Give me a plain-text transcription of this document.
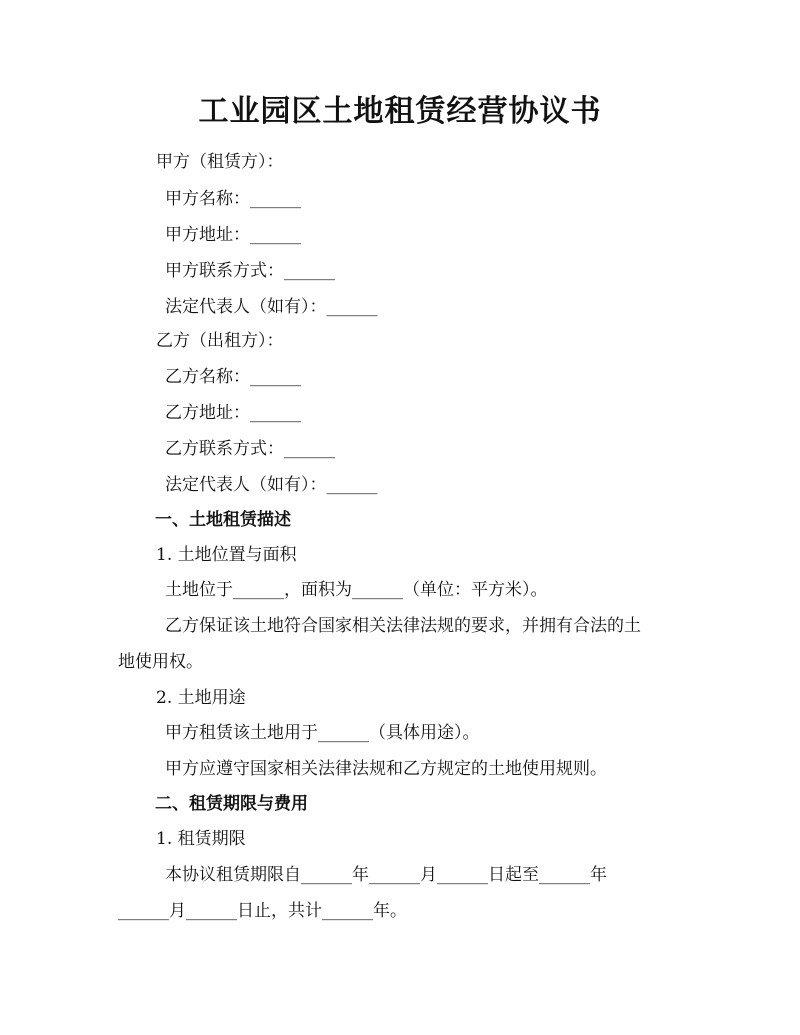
工业园区土地租赁经营协议书
甲方（租赁方）：
甲方名称：______
甲方地址：______
甲方联系方式：______
法定代表人（如有）：______
乙方（出租方）：
乙方名称：______
乙方地址：______
乙方联系方式：______
法定代表人（如有）：______
一、土地租赁描述
1. 土地位置与面积
土地位于______，面积为______（单位：平方米）。
乙方保证该土地符合国家相关法律法规的要求，并拥有合法的土
地使用权。
2. 土地用途
甲方租赁该土地用于______（具体用途）。
甲方应遵守国家相关法律法规和乙方规定的土地使用规则。
二、租赁期限与费用
1. 租赁期限
本协议租赁期限自______年______月______日起至______年
______月______日止，共计______年。
